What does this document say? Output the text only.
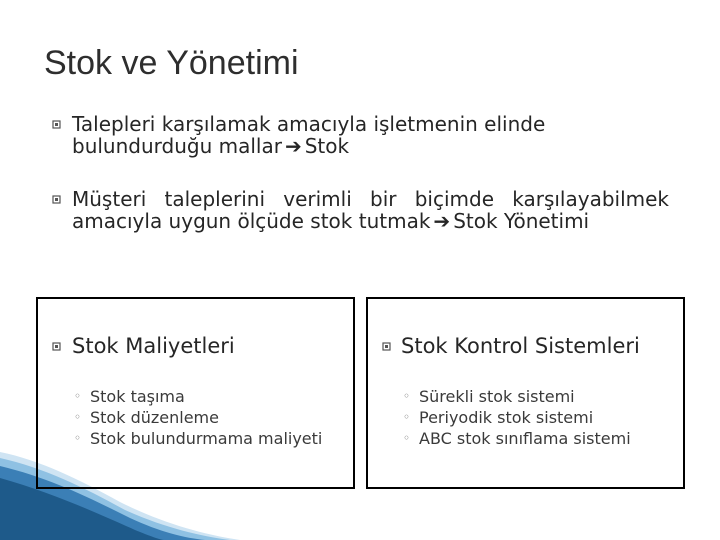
Stok ve Yönetimi
Talepleri karşılamak amacıyla işletmenin elinde bulundurduğu mallar ➔ Stok
Müşteri taleplerini verimli bir biçimde karşılayabilmek amacıyla uygun ölçüde stok tutmak ➔ Stok Yönetimi
Stok Maliyetleri
◦ Stok taşıma
◦ Stok düzenleme
◦ Stok bulundurmama maliyeti
Stok Kontrol Sistemleri
◦ Sürekli stok sistemi
◦ Periyodik stok sistemi
◦ ABC stok sınıflama sistemi
